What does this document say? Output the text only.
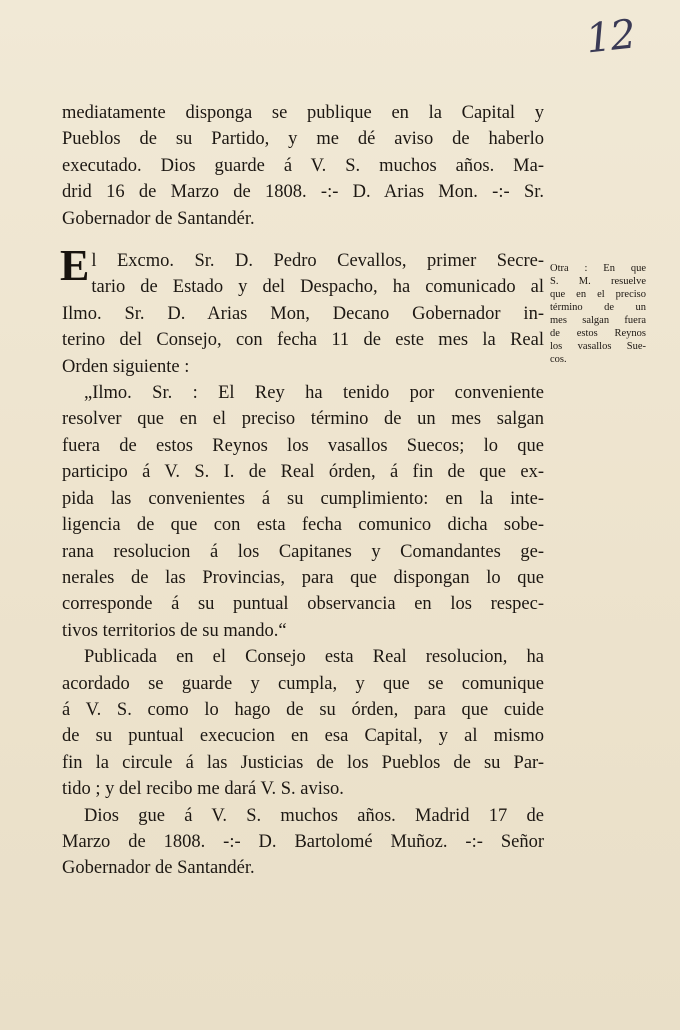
12

mediatamente disponga se publique en la Capital y
Pueblos de su Partido, y me dé aviso de haberlo
executado. Dios guarde á V. S. muchos años. Ma-
drid 16 de Marzo de 1808. -:- D. Arias Mon. -:- Sr.
Gobernador de Santandér.

E l Excmo. Sr. D. Pedro Cevallos, primer Secre-
tario de Estado y del Despacho, ha comunicado al
Ilmo. Sr. D. Arias Mon, Decano Gobernador in-
terino del Consejo, con fecha 11 de este mes la Real
Orden siguiente :

„Ilmo. Sr. : El Rey ha tenido por conveniente
resolver que en el preciso término de un mes salgan
fuera de estos Reynos los vasallos Suecos; lo que
participo á V. S. I. de Real órden, á fin de que ex-
pida las convenientes á su cumplimiento: en la inte-
ligencia de que con esta fecha comunico dicha sobe-
rana resolucion á los Capitanes y Comandantes ge-
nerales de las Provincias, para que dispongan lo que
corresponde á su puntual observancia en los respec-
tivos territorios de su mando.“

Publicada en el Consejo esta Real resolucion, ha
acordado se guarde y cumpla, y que se comunique
á V. S. como lo hago de su órden, para que cuide
de su puntual execucion en esa Capital, y al mismo
fin la circule á las Justicias de los Pueblos de su Par-
tido ; y del recibo me dará V. S. aviso.

Dios gue á V. S. muchos años. Madrid 17 de
Marzo de 1808. -:- D. Bartolomé Muñoz. -:- Señor
Gobernador de Santandér.

Otra : En que
S. M. resuelve
que en el preciso
término de un
mes salgan fuera
de estos Reynos
los vasallos Sue-
cos.
